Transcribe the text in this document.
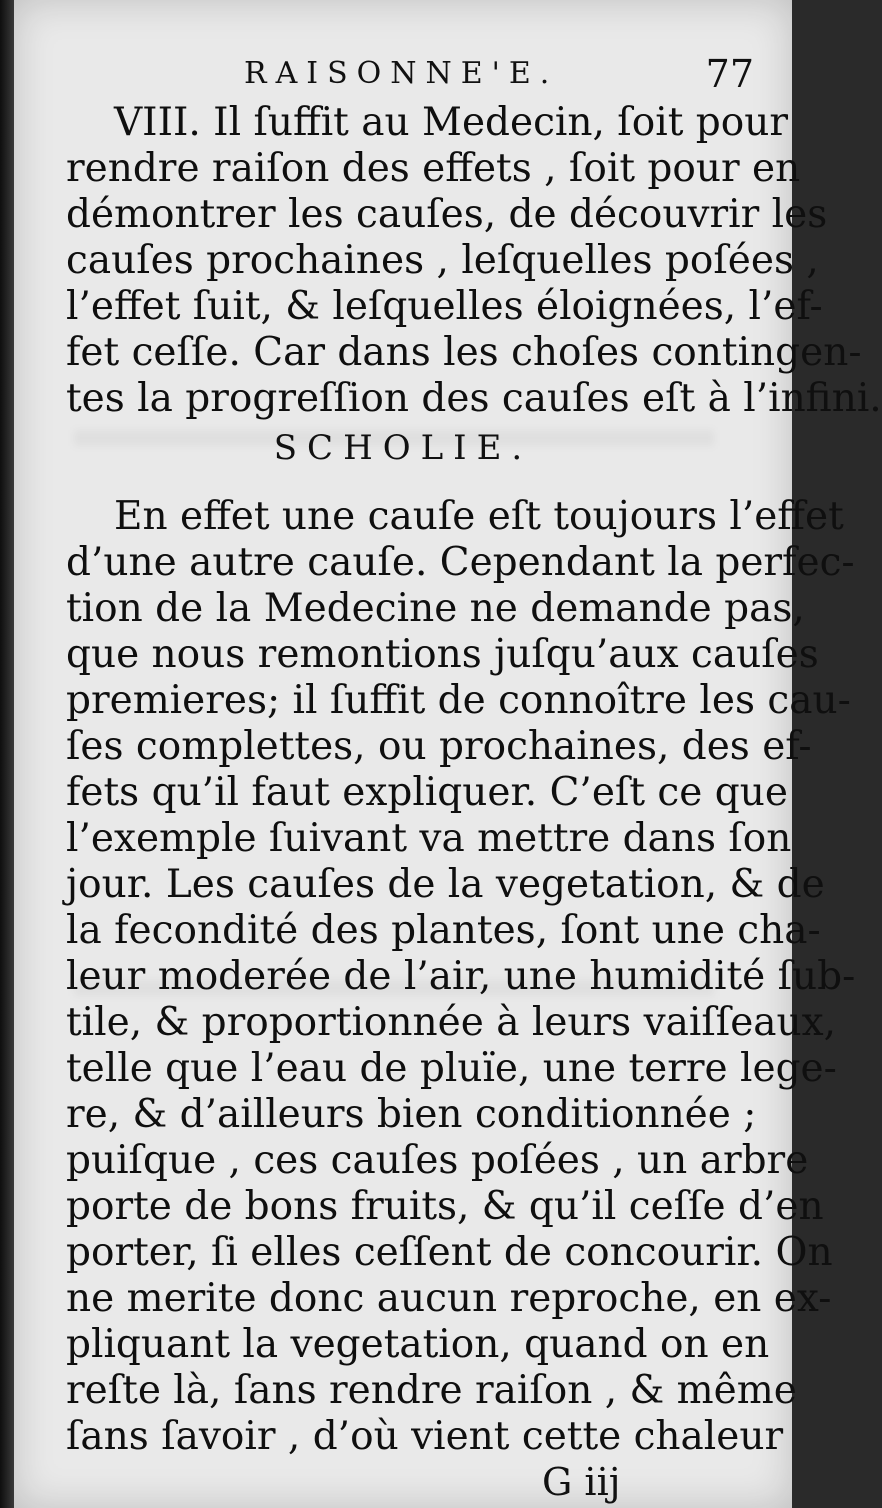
RAISONNE'E.	77
VIII. Il ſuffit au Medecin, ſoit pour
rendre raiſon des effets , ſoit pour en
démontrer les cauſes, de découvrir les
cauſes prochaines , leſquelles poſées ,
l’effet ſuit, & leſquelles éloignées, l’ef-
fet ceſſe. Car dans les choſes contingen-
tes la progreſſion des cauſes eſt à l’infini.
SCHOLIE.
En effet une cauſe eſt toujours l’effet
d’une autre cauſe. Cependant la perfec-
tion de la Medecine ne demande pas,
que nous remontions juſqu’aux cauſes
premieres; il ſuffit de connoître les cau-
ſes complettes, ou prochaines, des ef-
fets qu’il faut expliquer. C’eſt ce que
l’exemple ſuivant va mettre dans ſon
jour. Les cauſes de la vegetation, & de
la fecondité des plantes, ſont une cha-
leur moderée de l’air, une humidité ſub-
tile, & proportionnée à leurs vaiſſeaux,
telle que l’eau de pluïe, une terre lege-
re, & d’ailleurs bien conditionnée ;
puiſque , ces cauſes poſées , un arbre
porte de bons fruits, & qu’il ceſſe d’en
porter, ſi elles ceſſent de concourir. On
ne merite donc aucun reproche, en ex-
pliquant la vegetation, quand on en
reſte là, ſans rendre raiſon , & même
ſans ſavoir , d’où vient cette chaleur
G iij
